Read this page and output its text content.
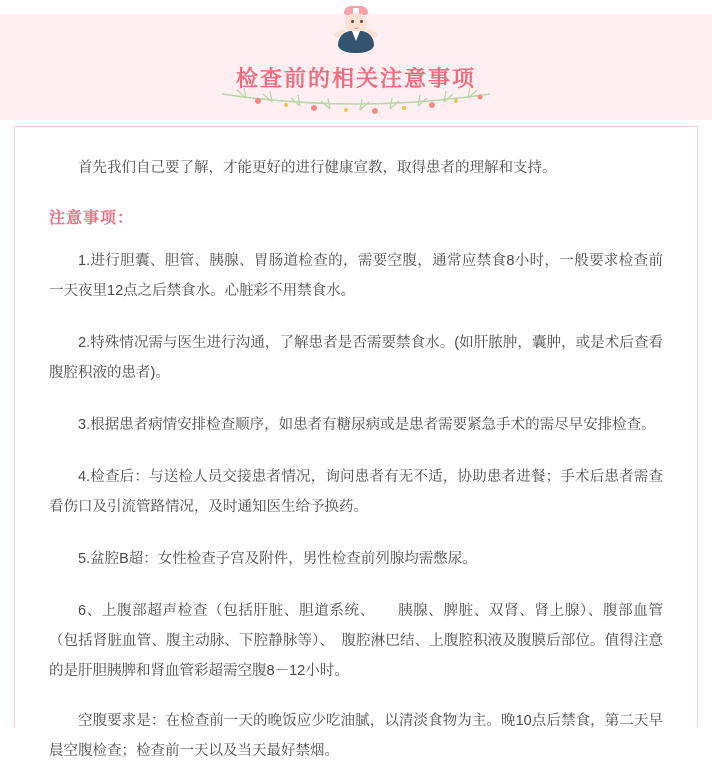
检查前的相关注意事项

首先我们自己要了解，才能更好的进行健康宣教，取得患者的理解和支持。

注意事项：

1.进行胆囊、胆管、胰腺、胃肠道检查的，需要空腹，通常应禁食8小时，一般要求检查前一天夜里12点之后禁食水。心脏彩不用禁食水。

2.特殊情况需与医生进行沟通，了解患者是否需要禁食水。(如肝脓肿，囊肿，或是术后查看腹腔积液的患者)。

3.根据患者病情安排检查顺序，如患者有糖尿病或是患者需要紧急手术的需尽早安排检查。

4.检查后：与送检人员交接患者情况，询问患者有无不适，协助患者进餐；手术后患者需查看伤口及引流管路情况，及时通知医生给予换药。

5.盆腔B超：女性检查子宫及附件，男性检查前列腺均需憋尿。

6、上腹部超声检查（包括肝脏、胆道系统、　　胰腺、脾脏、双肾、肾上腺）、腹部血管（包括肾脏血管、腹主动脉、下腔静脉等）、　腹腔淋巴结、上腹腔积液及腹膜后部位。值得注意的是肝胆胰脾和肾血管彩超需空腹8－12小时。

空腹要求是：在检查前一天的晚饭应少吃油腻，以清淡食物为主。晚10点后禁食，第二天早晨空腹检查；检查前一天以及当天最好禁烟。
